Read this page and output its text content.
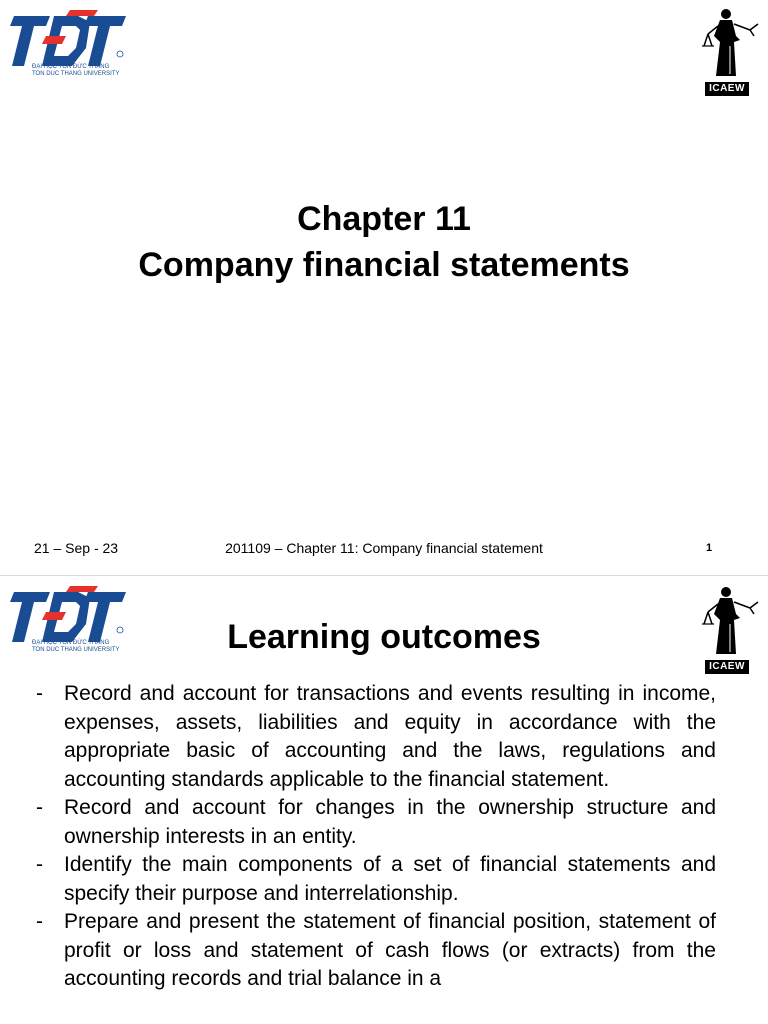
ĐẠI HỌC TÔN ĐỨC THẮNG
TON DUC THANG UNIVERSITY
ICAEW
Chapter 11
Company financial statements
21 – Sep - 23	201109 – Chapter 11: Company financial statement	1
ĐẠI HỌC TÔN ĐỨC THẮNG
TON DUC THANG UNIVERSITY
ICAEW
Learning outcomes
- Record and account for transactions and events resulting in income, expenses, assets, liabilities and equity in accordance with the appropriate basic of accounting and the laws, regulations and accounting standards applicable to the financial statement.
- Record and account for changes in the ownership structure and ownership interests in an entity.
- Identify the main components of a set of financial statements and specify their purpose and interrelationship.
- Prepare and present the statement of financial position, statement of profit or loss and statement of cash flows (or extracts) from the accounting records and trial balance in a
